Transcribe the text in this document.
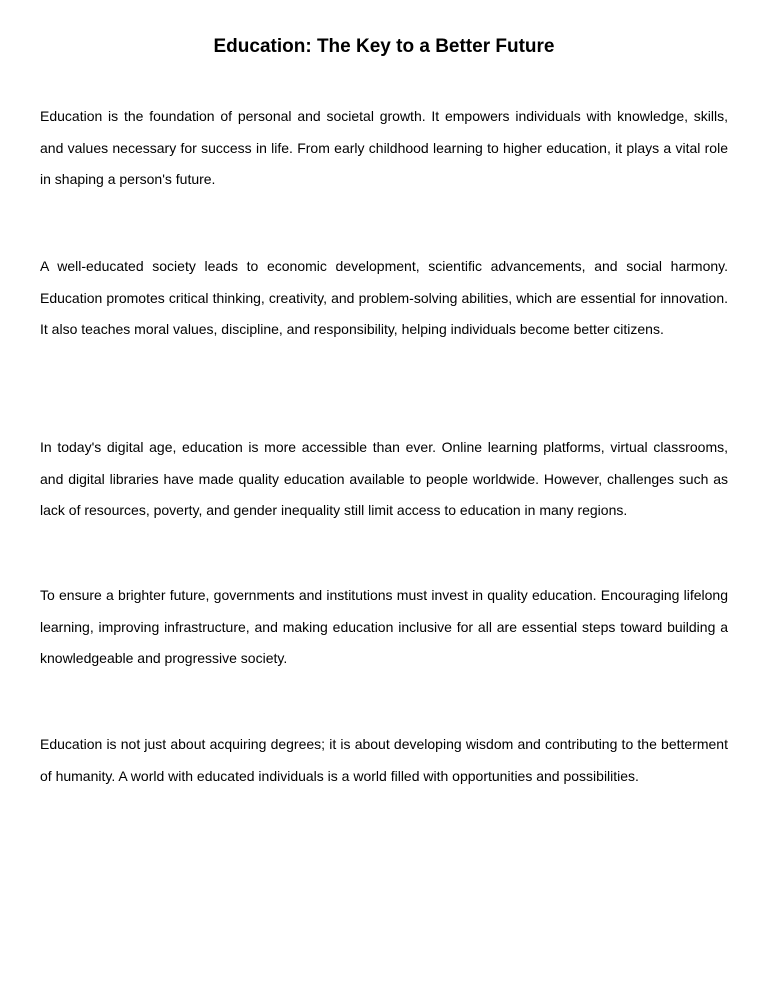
Education: The Key to a Better Future

Education is the foundation of personal and societal growth. It empowers individuals with knowledge, skills, and values necessary for success in life. From early childhood learning to higher education, it plays a vital role in shaping a person's future.

A well-educated society leads to economic development, scientific advancements, and social harmony. Education promotes critical thinking, creativity, and problem-solving abilities, which are essential for innovation. It also teaches moral values, discipline, and responsibility, helping individuals become better citizens.

In today's digital age, education is more accessible than ever. Online learning platforms, virtual classrooms, and digital libraries have made quality education available to people worldwide. However, challenges such as lack of resources, poverty, and gender inequality still limit access to education in many regions.

To ensure a brighter future, governments and institutions must invest in quality education. Encouraging lifelong learning, improving infrastructure, and making education inclusive for all are essential steps toward building a knowledgeable and progressive society.

Education is not just about acquiring degrees; it is about developing wisdom and contributing to the betterment of humanity. A world with educated individuals is a world filled with opportunities and possibilities.
